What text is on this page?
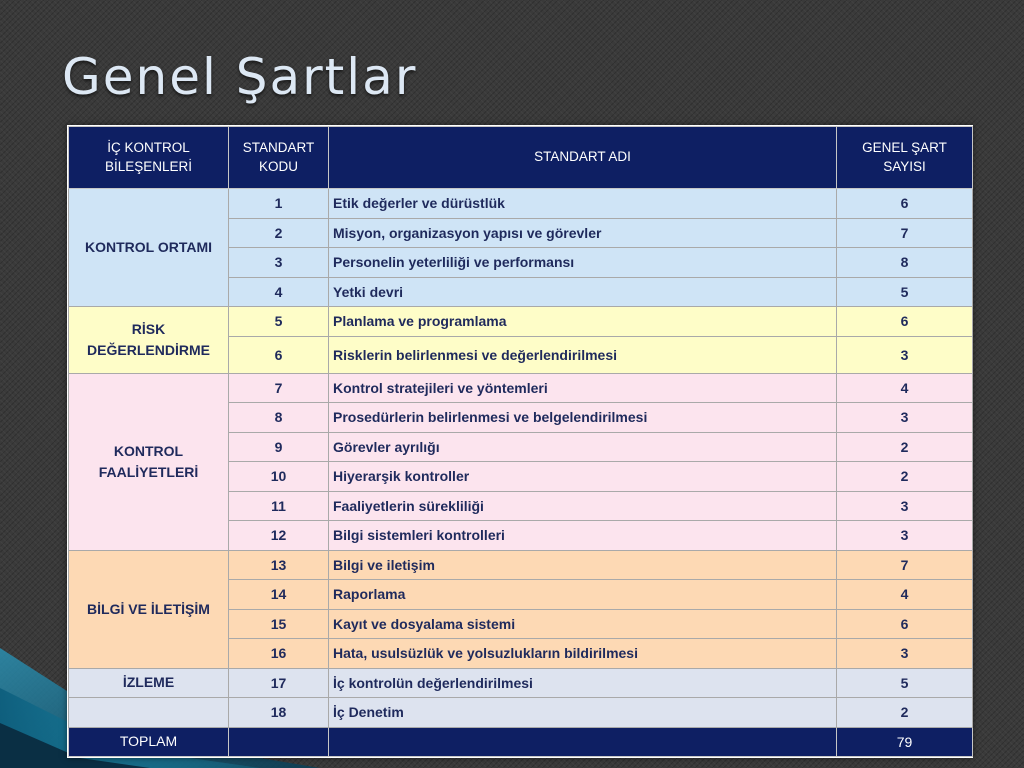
Genel Şartlar
İÇ KONTROL BİLEŞENLERİ	STANDART KODU	STANDART ADI	GENEL ŞART SAYISI
KONTROL ORTAMI	1	Etik değerler ve dürüstlük	6
	2	Misyon, organizasyon yapısı ve görevler	7
	3	Personelin yeterliliği ve performansı	8
	4	Yetki devri	5
RİSK DEĞERLENDİRME	5	Planlama ve programlama	6
	6	Risklerin belirlenmesi ve değerlendirilmesi	3
KONTROL FAALİYETLERİ	7	Kontrol stratejileri ve yöntemleri	4
	8	Prosedürlerin belirlenmesi ve belgelendirilmesi	3
	9	Görevler ayrılığı	2
	10	Hiyerarşik kontroller	2
	11	Faaliyetlerin sürekliliği	3
	12	Bilgi sistemleri kontrolleri	3
BİLGİ VE İLETİŞİM	13	Bilgi ve iletişim	7
	14	Raporlama	4
	15	Kayıt ve dosyalama sistemi	6
	16	Hata, usulsüzlük ve yolsuzlukların bildirilmesi	3
İZLEME	17	İç kontrolün değerlendirilmesi	5
	18	İç Denetim	2
TOPLAM			79
